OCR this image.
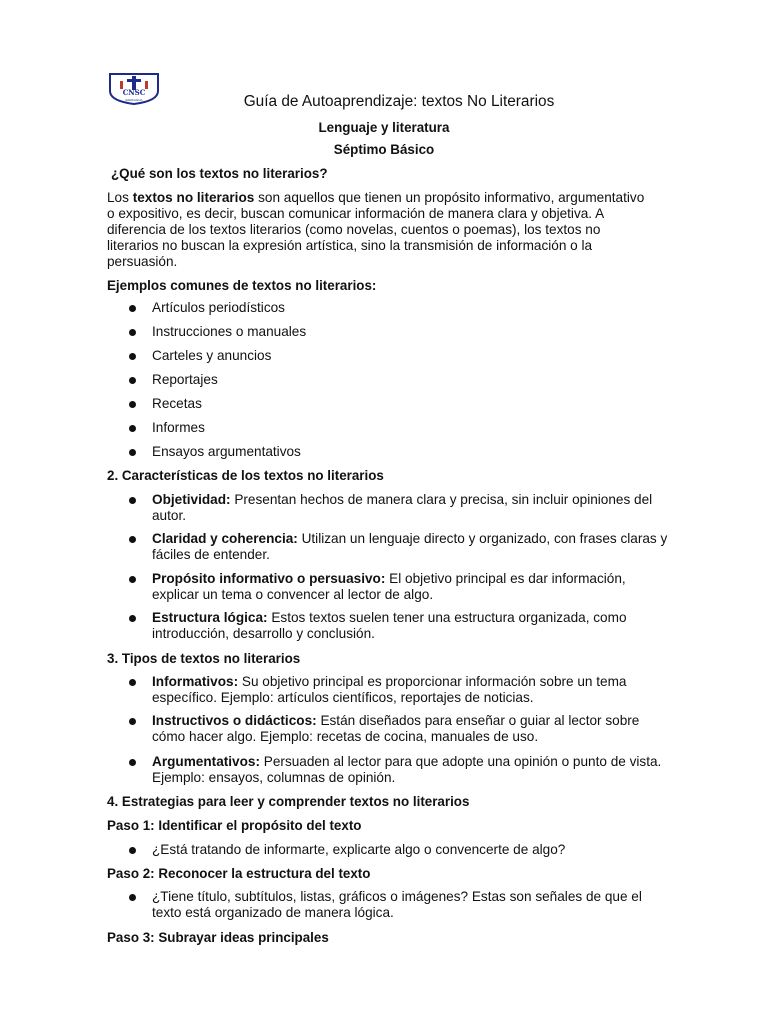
CNSC
RANCAGUA	Guía de Autoaprendizaje: textos No Literarios

Lenguaje y literatura

Séptimo Básico

¿Qué son los textos no literarios?

Los textos no literarios son aquellos que tienen un propósito informativo, argumentativo o expositivo, es decir, buscan comunicar información de manera clara y objetiva. A diferencia de los textos literarios (como novelas, cuentos o poemas), los textos no literarios no buscan la expresión artística, sino la transmisión de información o la persuasión.

Ejemplos comunes de textos no literarios:

Artículos periodísticos
Instrucciones o manuales
Carteles y anuncios
Reportajes
Recetas
Informes
Ensayos argumentativos

2. Características de los textos no literarios

Objetividad: Presentan hechos de manera clara y precisa, sin incluir opiniones del autor.
Claridad y coherencia: Utilizan un lenguaje directo y organizado, con frases claras y fáciles de entender.
Propósito informativo o persuasivo: El objetivo principal es dar información, explicar un tema o convencer al lector de algo.
Estructura lógica: Estos textos suelen tener una estructura organizada, como introducción, desarrollo y conclusión.

3. Tipos de textos no literarios

Informativos: Su objetivo principal es proporcionar información sobre un tema específico. Ejemplo: artículos científicos, reportajes de noticias.
Instructivos o didácticos: Están diseñados para enseñar o guiar al lector sobre cómo hacer algo. Ejemplo: recetas de cocina, manuales de uso.
Argumentativos: Persuaden al lector para que adopte una opinión o punto de vista. Ejemplo: ensayos, columnas de opinión.

4. Estrategias para leer y comprender textos no literarios

Paso 1: Identificar el propósito del texto

¿Está tratando de informarte, explicarte algo o convencerte de algo?

Paso 2: Reconocer la estructura del texto

¿Tiene título, subtítulos, listas, gráficos o imágenes? Estas son señales de que el texto está organizado de manera lógica.

Paso 3: Subrayar ideas principales
